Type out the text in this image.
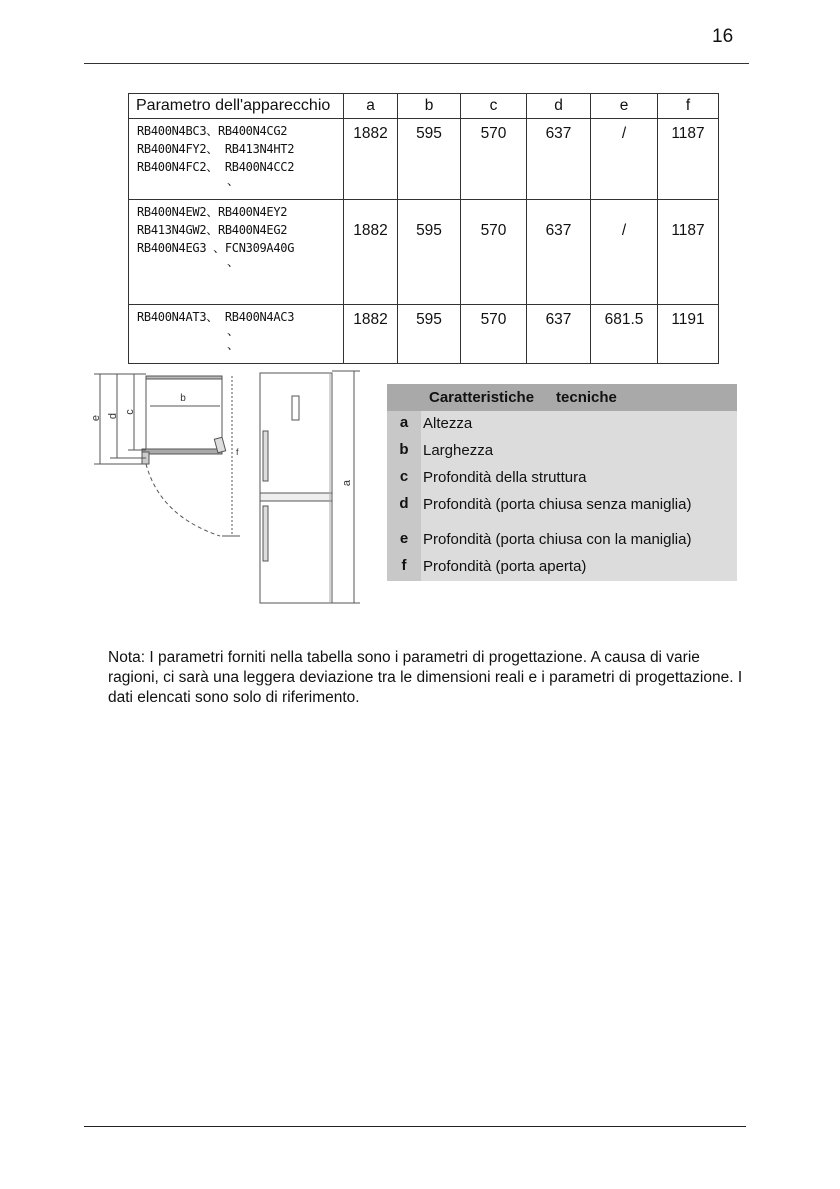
16
Parametro dell'apparecchio	a	b	c	d	e	f

RB400N4BC3、RB400N4CG2
RB400N4FY2、 RB413N4HT2
RB400N4FC2、 RB400N4CC2
、	1882	595	570	637	/	1187

RB400N4EW2、RB400N4EY2
RB413N4GW2、RB400N4EG2
RB400N4EG3 、FCN309A40G
、	1882	595	570	637	/	1187

RB400N4AT3、 RB400N4AC3
、
、	1882	595	570	637	681.5	1191
b
e d
c
f
a
Caratteristiche tecniche
a Altezza
b Larghezza
c Profondità della struttura
d Profondità (porta chiusa senza maniglia)
e Profondità (porta chiusa con la maniglia)
f	Profondità (porta aperta)

Nota: I parametri forniti nella tabella sono i parametri di progettazione. A causa di varie ragioni, ci sarà una leggera deviazione tra le dimensioni reali e i parametri di progettazione. I dati elencati sono solo di riferimento.
